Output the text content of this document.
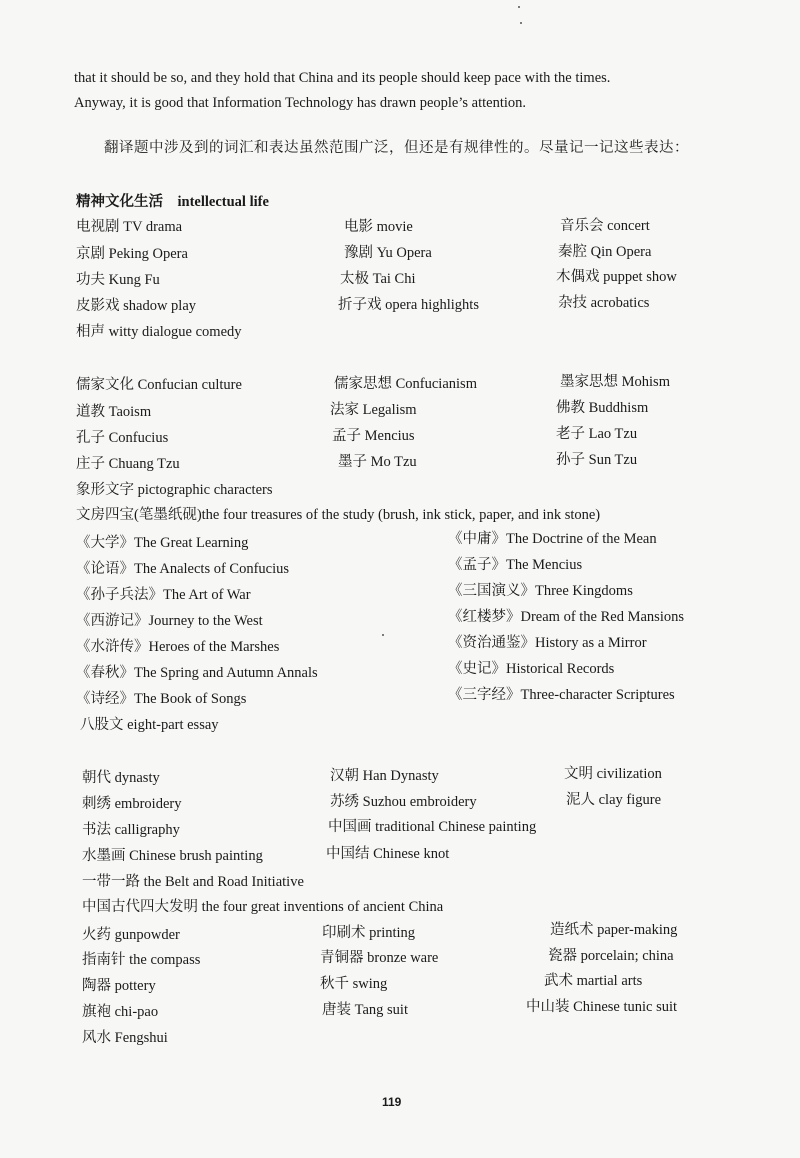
that it should be so, and they hold that China and its people should keep pace with the times.
Anyway, it is good that Information Technology has drawn people’s attention.
翻译题中涉及到的词汇和表达虽然范围广泛，但还是有规律性的。尽量记一记这些表达：
精神文化生活　intellectual life
电视剧 TV drama	电影 movie	音乐会 concert
京剧 Peking Opera	豫剧 Yu Opera	秦腔 Qin Opera
功夫 Kung Fu	太极 Tai Chi	木偶戏 puppet show
皮影戏 shadow play	折子戏 opera highlights	杂技 acrobatics
相声 witty dialogue comedy
儒家文化 Confucian culture	儒家思想 Confucianism	墨家思想 Mohism
道教 Taoism	法家 Legalism	佛教 Buddhism
孔子 Confucius	孟子 Mencius	老子 Lao Tzu
庄子 Chuang Tzu	墨子 Mo Tzu	孙子 Sun Tzu
象形文字 pictographic characters
文房四宝(笔墨纸砚)the four treasures of the study (brush, ink stick, paper, and ink stone)
《大学》The Great Learning	《中庸》The Doctrine of the Mean
《论语》The Analects of Confucius	《孟子》The Mencius
《孙子兵法》The Art of War	《三国演义》Three Kingdoms
《西游记》Journey to the West	《红楼梦》Dream of the Red Mansions
《水浒传》Heroes of the Marshes	《资治通鉴》History as a Mirror
《春秋》The Spring and Autumn Annals	《史记》Historical Records
《诗经》The Book of Songs	《三字经》Three-character Scriptures
八股文 eight-part essay
朝代 dynasty	汉朝 Han Dynasty	文明 civilization
刺绣 embroidery	苏绣 Suzhou embroidery	泥人 clay figure
书法 calligraphy	中国画 traditional Chinese painting
水墨画 Chinese brush painting	中国结 Chinese knot
一带一路 the Belt and Road Initiative
中国古代四大发明 the four great inventions of ancient China
火药 gunpowder	印刷术 printing	造纸术 paper-making
指南针 the compass	青铜器 bronze ware	瓷器 porcelain; china
陶器 pottery	秋千 swing	武术 martial arts
旗袍 chi-pao	唐装 Tang suit	中山装 Chinese tunic suit
风水 Fengshui
119
